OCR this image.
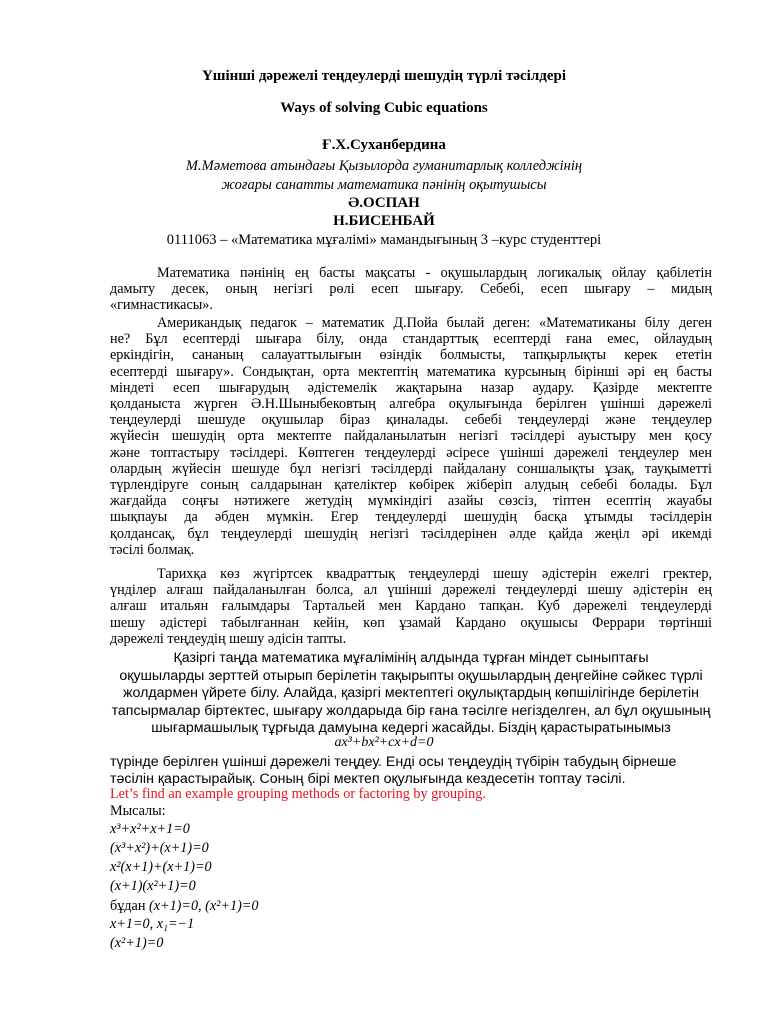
Үшінші дәрежелі теңдеулерді шешудің түрлі тәсілдері
Ways of solving Cubic equations
Ғ.Х.Суханбердина
М.Мәметова атындағы Қызылорда гуманитарлық колледжінің
жоғары санатты математика пәнінің оқытушысы
Ә.ОСПАН
Н.БИСЕНБАЙ
0111063 – «Математика мұғалімі» мамандығының 3 –курс студенттері
Математика пәнінің ең басты мақсаты - оқушылардың логикалық ойлау қабілетін
дамыту десек, оның негізгі рөлі есеп шығару. Себебі, есеп шығару – мидың
«гимнастикасы».
Американдық педагок – математик Д.Пойа былай деген: «Математиканы білу деген
не? Бұл есептерді шығара білу, онда стандарттық есептерді ғана емес, ойлаудың
еркіндігін, сананың салауаттылығын өзіндік болмысты, тапқырлықты керек ететін
есептерді шығару». Сондықтан, орта мектептің математика курсының бірінші әрі ең басты
міндеті есеп шығарудың әдістемелік жақтарына назар аудару. Қазірде мектепте
қолданыста жүрген Ә.Н.Шыныбековтың алгебра оқулығында берілген үшінші дәрежелі
теңдеулерді шешуде оқушылар біраз қиналады. себебі теңдеулерді және теңдеулер
жүйесін шешудің орта мектепте пайдаланылатын негізгі тәсілдері ауыстыру мен қосу
және топтастыру тәсілдері. Көптеген теңдеулерді әсіресе үшінші дәрежелі теңдеулер мен
олардың жүйесін шешуде бұл негізгі тәсілдерді пайдалану соншалықты ұзақ, тауқыметті
түрлендіруге соның салдарынан қателіктер көбірек жіберіп алудың себебі болады. Бұл
жағдайда соңғы нәтижеге жетудің мүмкіндігі азайы сөзсіз, тіптен есептің жауабы
шықпауы да әбден мүмкін. Егер теңдеулерді шешудің басқа ұтымды тәсілдерін
қолдансақ, бұл теңдеулерді шешудің негізгі тәсілдерінен әлде қайда жеңіл әрі икемді
тәсілі болмақ.
Тарихқа көз жүгіртсек квадраттық теңдеулерді шешу әдістерін ежелгі гректер,
үнділер алғаш пайдаланылған болса, ал үшінші дәрежелі теңдеулерді шешу әдістерін ең
алғаш итальян ғалымдары Тартальей мен Кардано тапқан. Куб дәрежелі теңдеулерді
шешу әдістері табылғаннан кейін, көп ұзамай Кардано оқушысы Феррари төртінші
дәрежелі теңдеудің шешу әдісін тапты.
Қазіргі таңда математика мұғалімінің алдында тұрған міндет сыныптағы
оқушыларды зерттей отырып берілетін тақырыпты оқушылардың деңгейіне сәйкес түрлі
жолдармен үйрете білу. Алайда, қазіргі мектептегі оқулықтардың көпшілігінде берілетін
тапсырмалар біртектес, шығару жолдарыда бір ғана тәсілге негізделген, ал бұл оқушының
шығармашылық тұрғыда дамуына кедергі жасайды. Біздің қарастыратынымыз
ax³+bx²+cx+d=0
түрінде берілген үшінші дәрежелі теңдеу. Енді осы теңдеудің түбірін табудың бірнеше
тәсілін қарастырайық. Соның бірі мектеп оқулығында кездесетін топтау тәсілі.
Let’s find an example grouping methods or factoring by grouping.
Мысалы:
x³+x²+x+1=0
(x³+x²)+(x+1)=0
x²(x+1)+(x+1)=0
(x+1)(x²+1)=0
бұдан (x+1)=0, (x²+1)=0
x+1=0, x₁=−1
(x²+1)=0
